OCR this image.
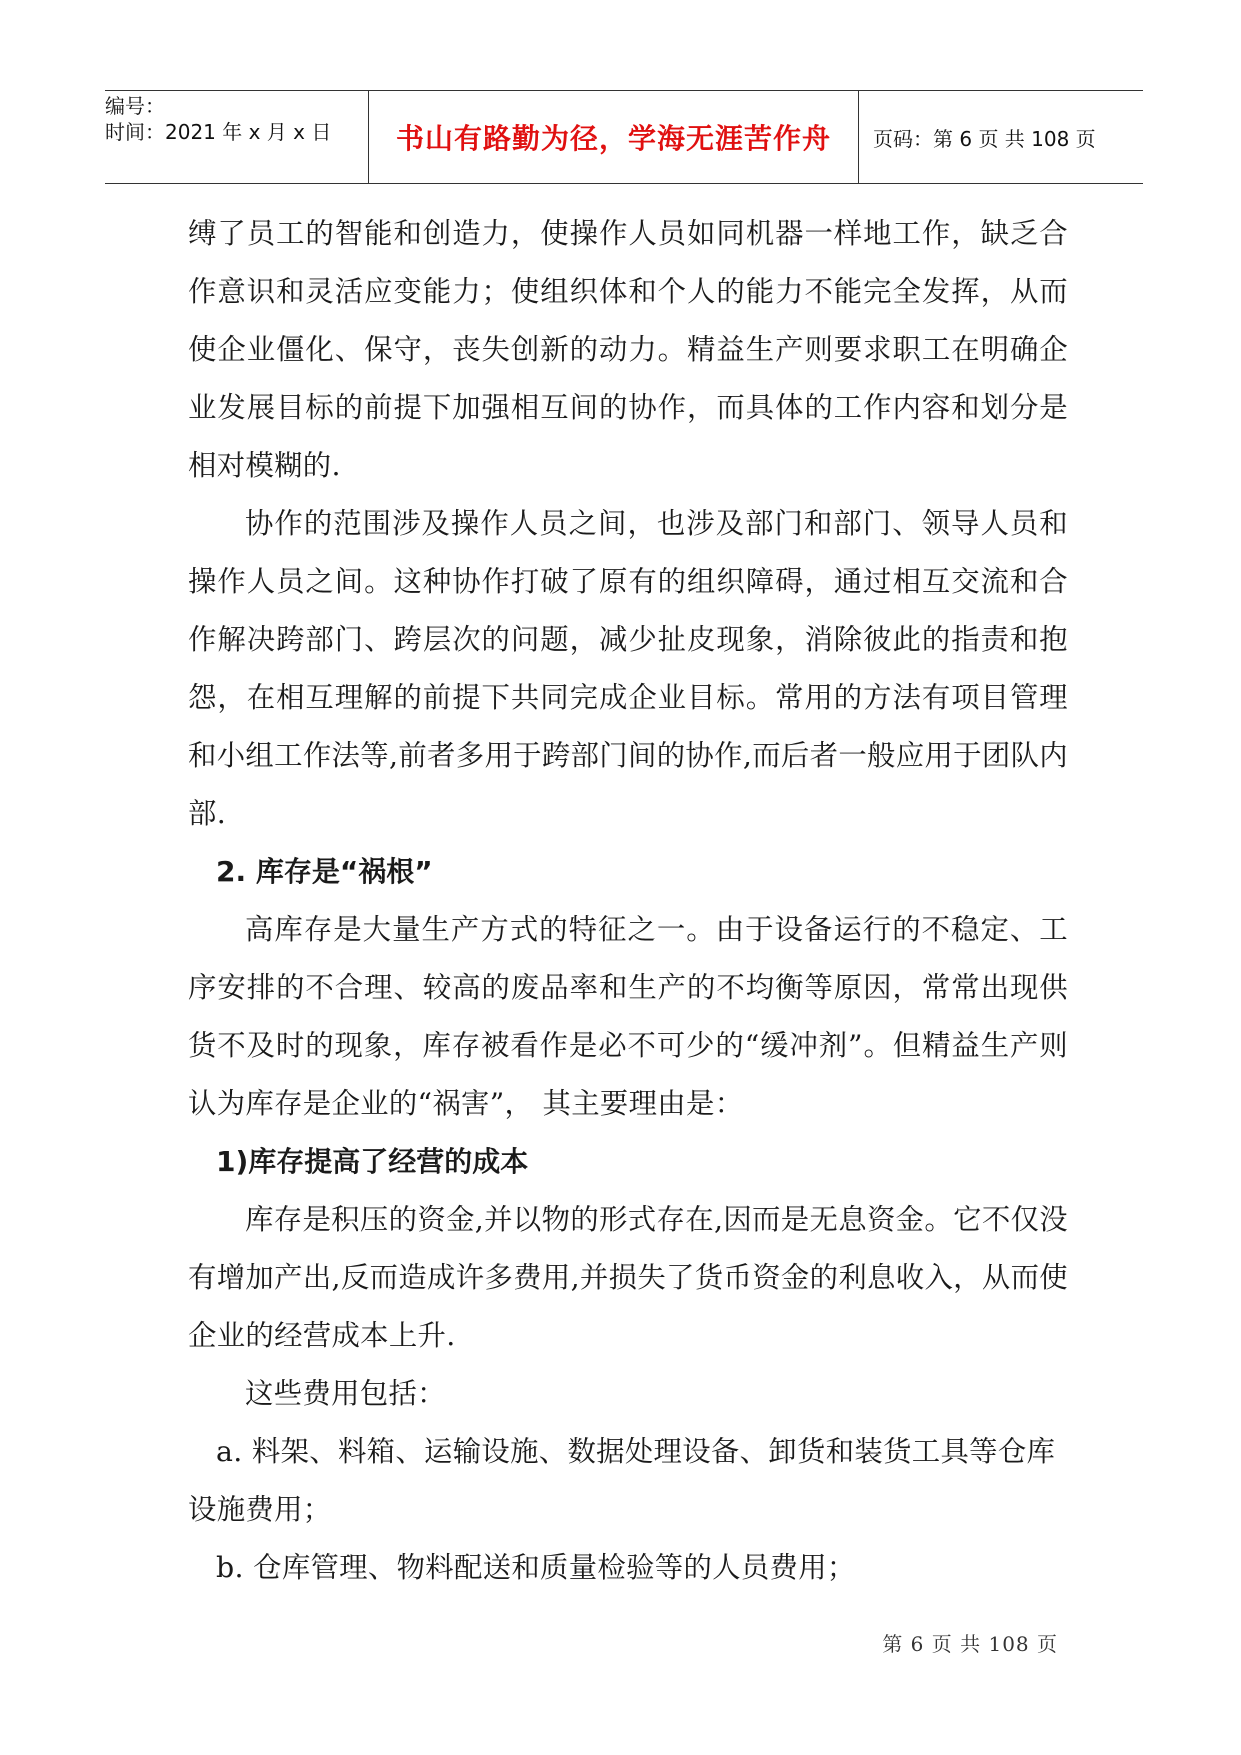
编号：
时间：2021 年 x 月 x 日	书山有路勤为径，学海无涯苦作舟 页码：第 6 页 共 108 页

缚了员工的智能和创造力，使操作人员如同机器一样地工作，缺乏合作意识和灵活应变能力；使组织体和个人的能力不能完全发挥，从而使企业僵化、保守，丧失创新的动力。精益生产则要求职工在明确企业发展目标的前提下加强相互间的协作，而具体的工作内容和划分是相对模糊的.

协作的范围涉及操作人员之间，也涉及部门和部门、领导人员和操作人员之间。这种协作打破了原有的组织障碍，通过相互交流和合作解决跨部门、跨层次的问题，减少扯皮现象，消除彼此的指责和抱怨，在相互理解的前提下共同完成企业目标。常用的方法有项目管理和小组工作法等,前者多用于跨部门间的协作,而后者一般应用于团队内部.

2. 库存是“祸根”

高库存是大量生产方式的特征之一。由于设备运行的不稳定、工序安排的不合理、较高的废品率和生产的不均衡等原因，常常出现供货不及时的现象，库存被看作是必不可少的“缓冲剂”。但精益生产则认为库存是企业的“祸害”， 其主要理由是：

1)库存提高了经营的成本

库存是积压的资金,并以物的形式存在,因而是无息资金。它不仅没有增加产出,反而造成许多费用,并损失了货币资金的利息收入，从而使企业的经营成本上升.

这些费用包括：

a. 料架、料箱、运输设施、数据处理设备、卸货和装货工具等仓库设施费用；

b. 仓库管理、物料配送和质量检验等的人员费用；

第 6 页 共 108 页
